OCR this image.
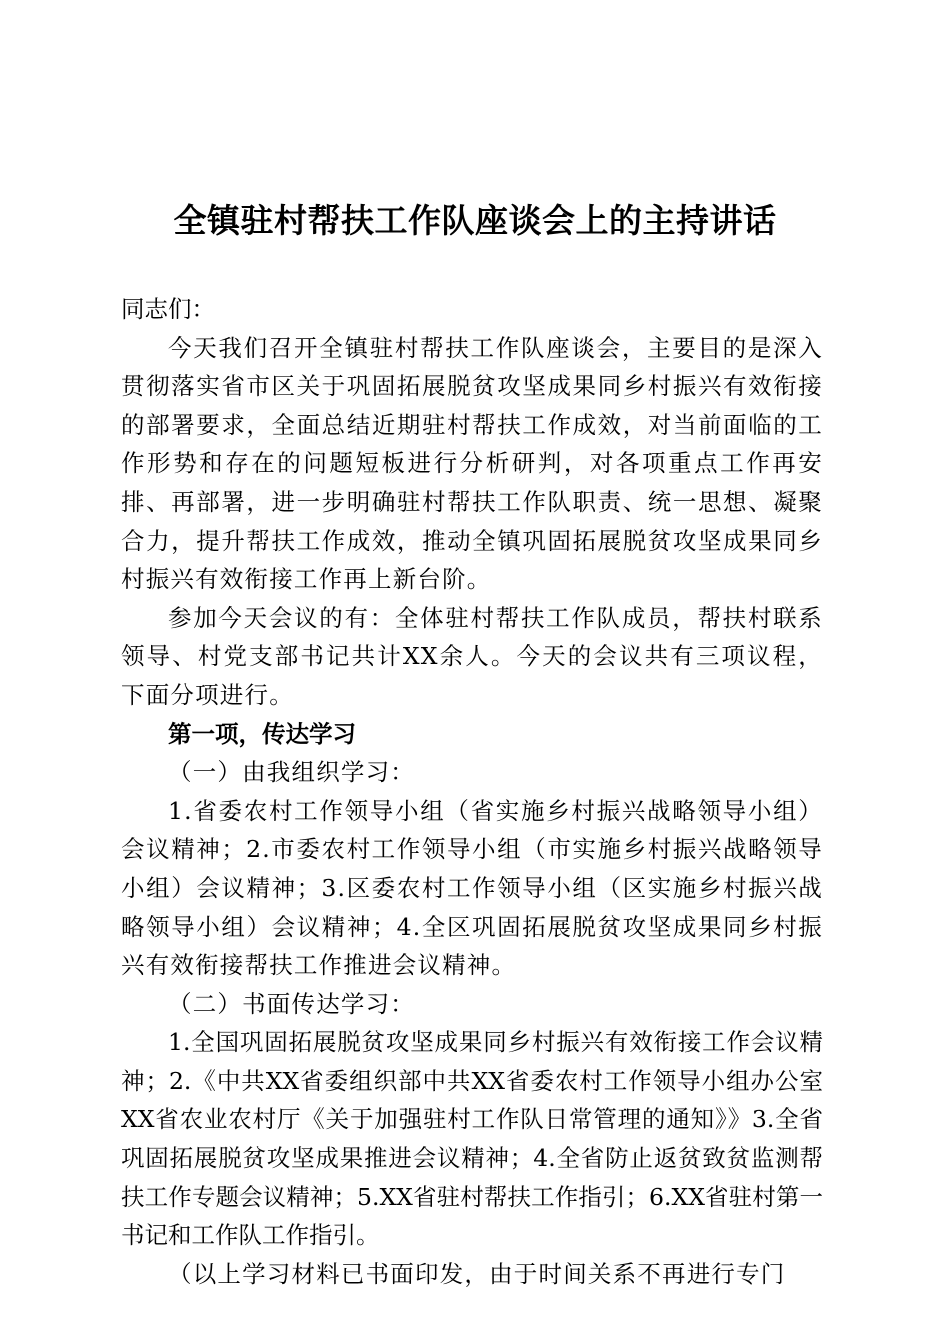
全镇驻村帮扶工作队座谈会上的主持讲话

同志们：

今天我们召开全镇驻村帮扶工作队座谈会，主要目的是深入贯彻落实省市区关于巩固拓展脱贫攻坚成果同乡村振兴有效衔接的部署要求，全面总结近期驻村帮扶工作成效，对当前面临的工作形势和存在的问题短板进行分析研判，对各项重点工作再安排、再部署，进一步明确驻村帮扶工作队职责、统一思想、凝聚合力，提升帮扶工作成效，推动全镇巩固拓展脱贫攻坚成果同乡村振兴有效衔接工作再上新台阶。

参加今天会议的有：全体驻村帮扶工作队成员，帮扶村联系领导、村党支部书记共计XX余人。今天的会议共有三项议程，下面分项进行。

第一项，传达学习

（一）由我组织学习：

1.省委农村工作领导小组（省实施乡村振兴战略领导小组）会议精神；2.市委农村工作领导小组（市实施乡村振兴战略领导小组）会议精神；3.区委农村工作领导小组（区实施乡村振兴战略领导小组）会议精神；4.全区巩固拓展脱贫攻坚成果同乡村振兴有效衔接帮扶工作推进会议精神。

（二）书面传达学习：

1.全国巩固拓展脱贫攻坚成果同乡村振兴有效衔接工作会议精神；2.《中共XX省委组织部中共XX省委农村工作领导小组办公室XX省农业农村厅《关于加强驻村工作队日常管理的通知》》3.全省巩固拓展脱贫攻坚成果推进会议精神；4.全省防止返贫致贫监测帮扶工作专题会议精神；5.XX省驻村帮扶工作指引；6.XX省驻村第一书记和工作队工作指引。

（以上学习材料已书面印发，由于时间关系不再进行专门
